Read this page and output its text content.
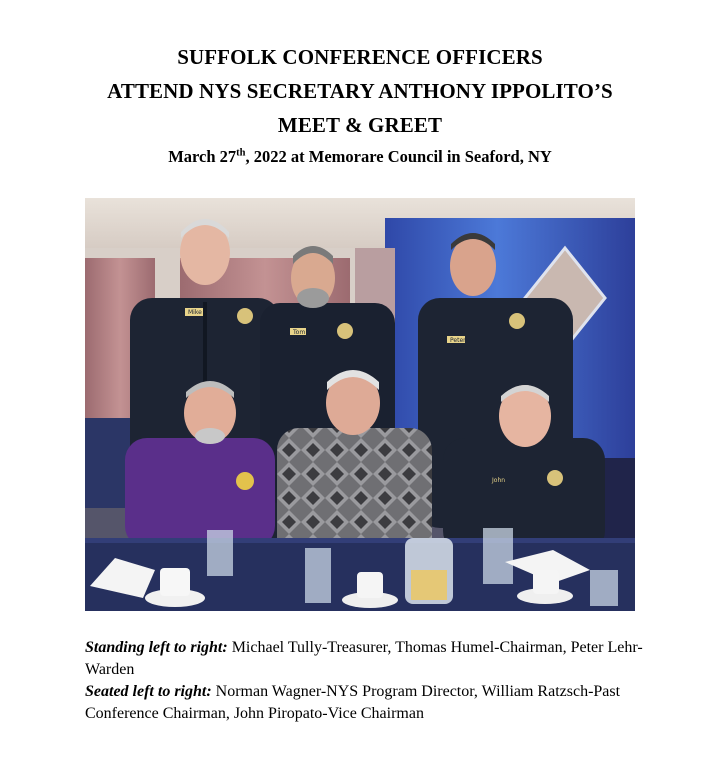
SUFFOLK CONFERENCE OFFICERS
ATTEND NYS SECRETARY ANTHONY IPPOLITO’S
MEET & GREET
March 27th, 2022 at Memorare Council in Seaford, NY
Mike
Tom
Peter
John

Standing left to right: Michael Tully-Treasurer, Thomas Humel-Chairman, Peter Lehr-Warden

Seated left to right: Norman Wagner-NYS Program Director, William Ratzsch-Past Conference Chairman, John Piropato-Vice Chairman
